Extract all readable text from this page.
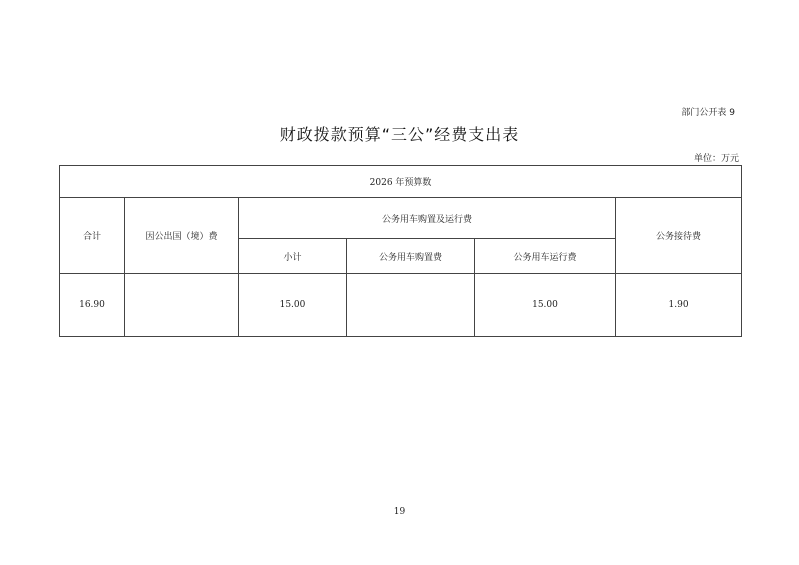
部门公开表 9
财政拨款预算“三公”经费支出表
单位：万元
2026 年预算数					
合计	因公出国（境）费	公务用车购置及运行费			公务接待费
		小计	公务用车购置费	公务用车运行费	
16.90		15.00		15.00	1.90
19
